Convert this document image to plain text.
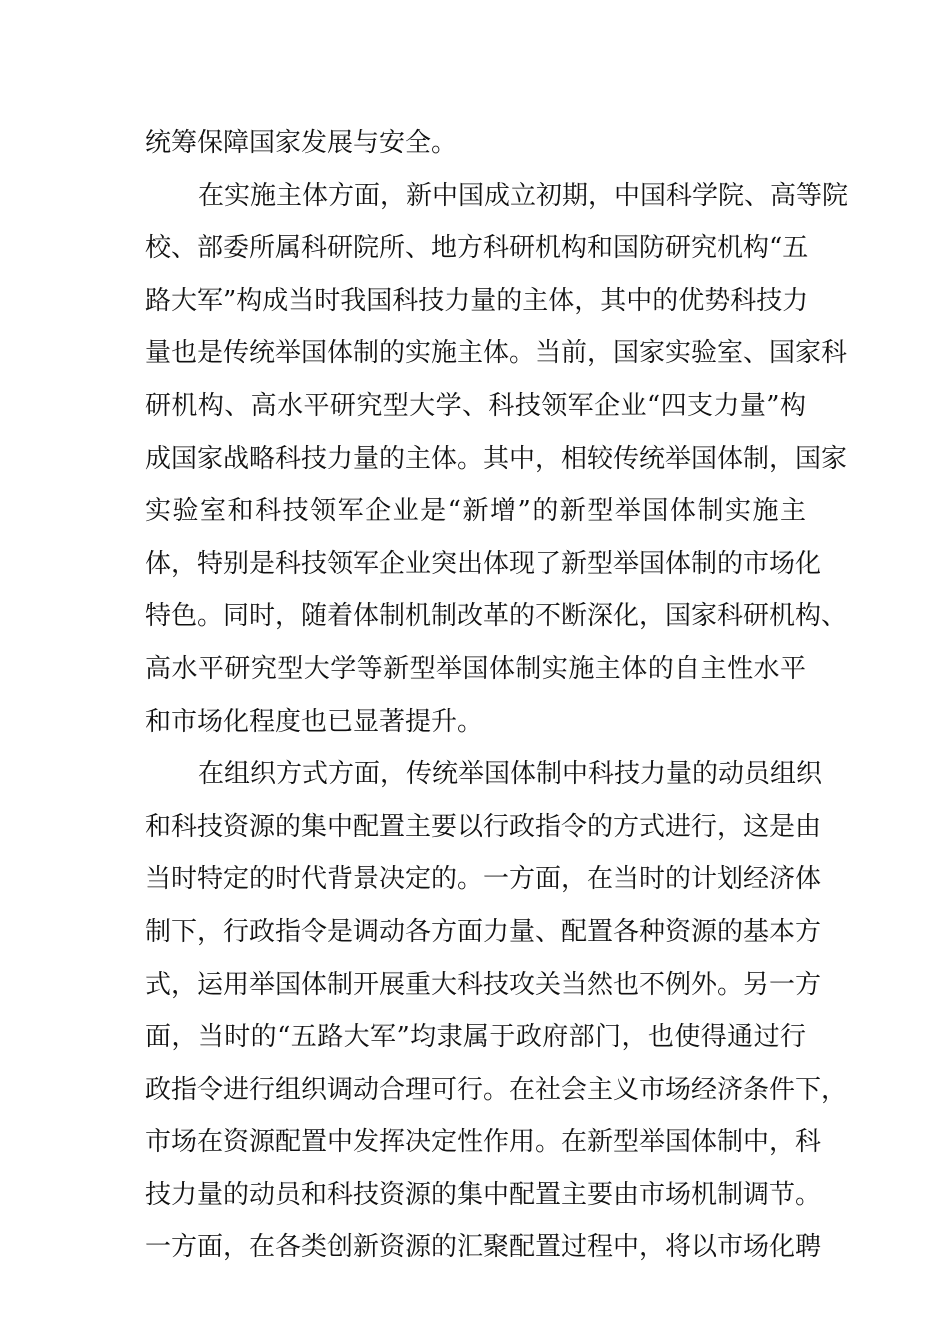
统筹保障国家发展与安全。
在实施主体方面，新中国成立初期，中国科学院、高等院
校、部委所属科研院所、地方科研机构和国防研究机构“五
路大军”构成当时我国科技力量的主体，其中的优势科技力
量也是传统举国体制的实施主体。当前，国家实验室、国家科
研机构、高水平研究型大学、科技领军企业“四支力量”构
成国家战略科技力量的主体。其中，相较传统举国体制，国家
实验室和科技领军企业是“新增”的新型举国体制实施主
体，特别是科技领军企业突出体现了新型举国体制的市场化
特色。同时，随着体制机制改革的不断深化，国家科研机构、
高水平研究型大学等新型举国体制实施主体的自主性水平
和市场化程度也已显著提升。
在组织方式方面，传统举国体制中科技力量的动员组织
和科技资源的集中配置主要以行政指令的方式进行，这是由
当时特定的时代背景决定的。一方面，在当时的计划经济体
制下，行政指令是调动各方面力量、配置各种资源的基本方
式，运用举国体制开展重大科技攻关当然也不例外。另一方
面，当时的“五路大军”均隶属于政府部门，也使得通过行
政指令进行组织调动合理可行。在社会主义市场经济条件下，
市场在资源配置中发挥决定性作用。在新型举国体制中，科
技力量的动员和科技资源的集中配置主要由市场机制调节。
一方面，在各类创新资源的汇聚配置过程中，将以市场化聘
